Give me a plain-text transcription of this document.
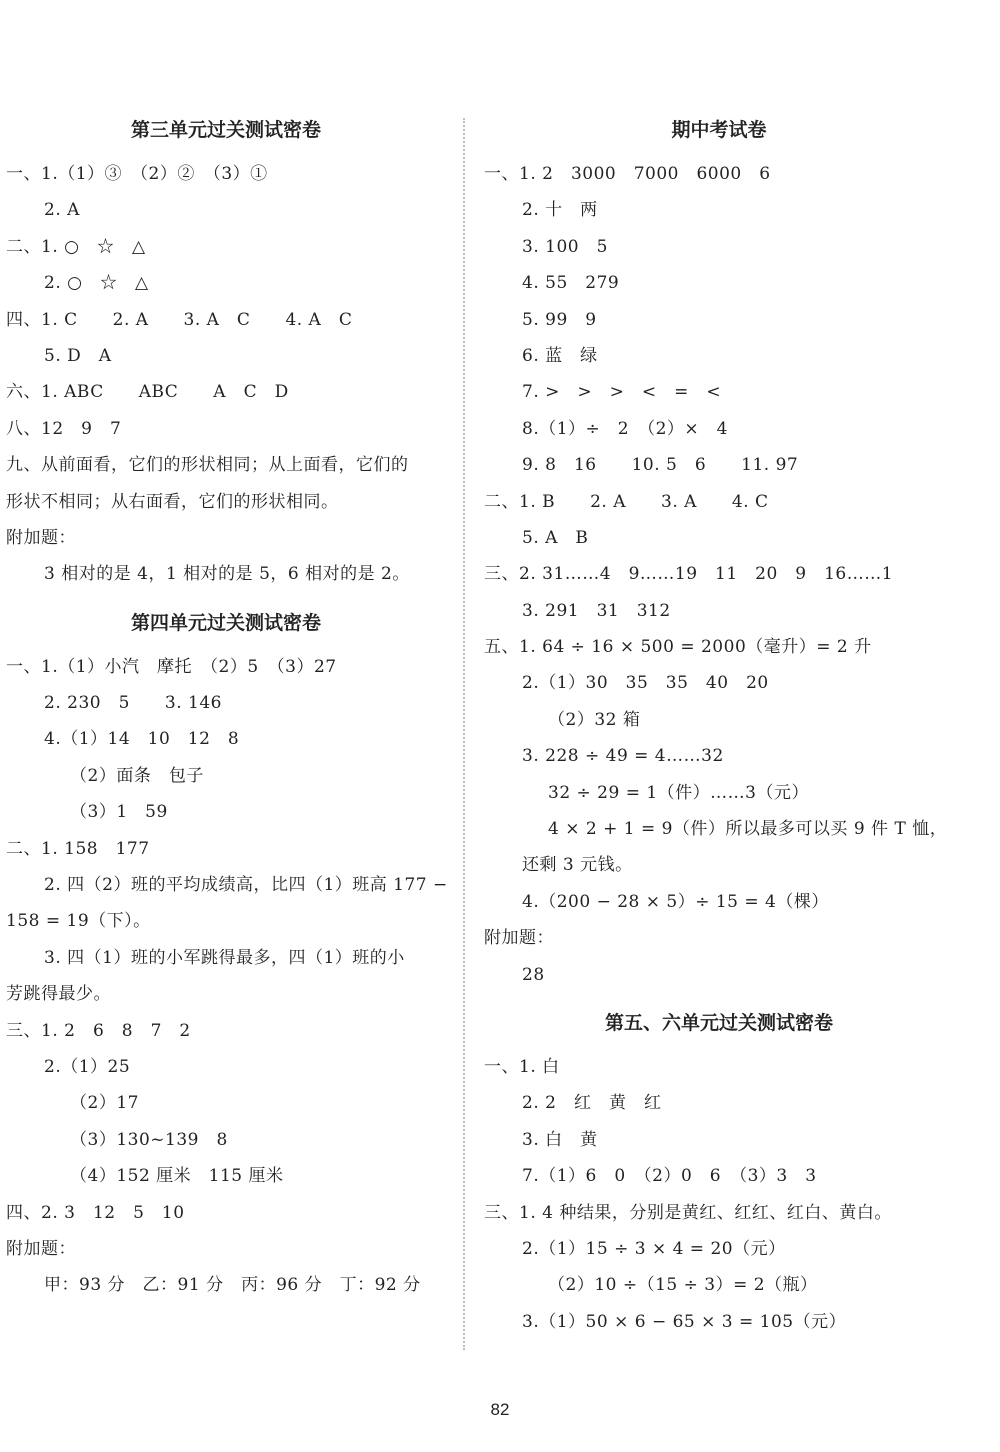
第三单元过关测试密卷
一、1.（1）③　（2）②　（3）①
2. A
二、1. ○　☆　△
2. ○　☆　△
四、1. C　　2. A　　3. A　C　　4. A　C
5. D　A
六、1. ABC　　ABC　　A　C　D
八、12　9　7
九、从前面看，它们的形状相同；从上面看，它们的
形状不相同；从右面看，它们的形状相同。
附加题：
3 相对的是 4，1 相对的是 5，6 相对的是 2。
第四单元过关测试密卷
一、1.（1）小汽　摩托　（2）5　（3）27
2. 230　5　　3. 146
4.（1）14　10　12　8
（2）面条　包子
（3）1　59
二、1. 158　177
2. 四（2）班的平均成绩高，比四（1）班高 177 −
158 = 19（下）。
3. 四（1）班的小军跳得最多，四（1）班的小
芳跳得最少。
三、1. 2　6　8　7　2
2.（1）25
（2）17
（3）130~139　8
（4）152 厘米　115 厘米
四、2. 3　12　5　10
附加题：
甲：93 分　乙：91 分　丙：96 分　丁：92 分
期中考试卷
一、1. 2　3000　7000　6000　6
2. 十　两
3. 100　5
4. 55　279
5. 99　9
6. 蓝　绿
7. >　>　>　<　=　<
8.（1）÷　2　（2）×　4
9. 8　16　　10. 5　6　　11. 97
二、1. B　　2. A　　3. A　　4. C
5. A　B
三、2. 31……4　9……19　11　20　9　16……1
3. 291　31　312
五、1. 64 ÷ 16 × 500 = 2000（毫升）= 2 升
2.（1）30　35　35　40　20
（2）32 箱
3. 228 ÷ 49 = 4……32
32 ÷ 29 = 1（件）……3（元）
4 × 2 + 1 = 9（件）所以最多可以买 9 件 T 恤，
还剩 3 元钱。
4.（200 − 28 × 5）÷ 15 = 4（棵）
附加题：
28
第五、六单元过关测试密卷
一、1. 白
2. 2　红　黄　红
3. 白　黄
7.（1）6　0　（2）0　6　（3）3　3
三、1. 4 种结果，分别是黄红、红红、红白、黄白。
2.（1）15 ÷ 3 × 4 = 20（元）
（2）10 ÷（15 ÷ 3）= 2（瓶）
3.（1）50 × 6 − 65 × 3 = 105（元）
82
